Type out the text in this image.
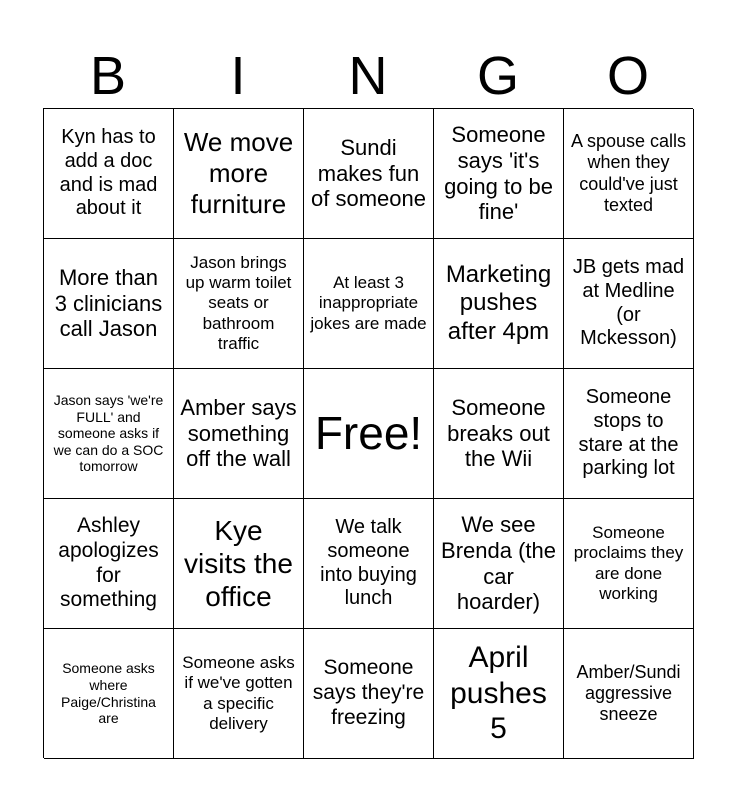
B	I	N	G	O
Kyn has to add a doc and is mad about it
We move more furniture
Sundi makes fun of someone
Someone says 'it's going to be fine'
A spouse calls when they could've just texted
More than 3 clinicians call Jason
Jason brings up warm toilet seats or bathroom traffic
At least 3 inappropriate jokes are made
Marketing pushes after 4pm
JB gets mad at Medline (or Mckesson)
Jason says 'we're FULL' and someone asks if we can do a SOC tomorrow
Amber says something off the wall Free!
Someone breaks out the Wii
Someone stops to stare at the parking lot
Ashley apologizes for something
Kye visits the office
We talk someone into buying lunch
We see Brenda (the car hoarder)
Someone proclaims they are done working
Someone asks where Paige/Christina are
Someone asks if we've gotten a specific delivery
Someone says they're freezing
April pushes 5
Amber/Sundi aggressive sneeze
